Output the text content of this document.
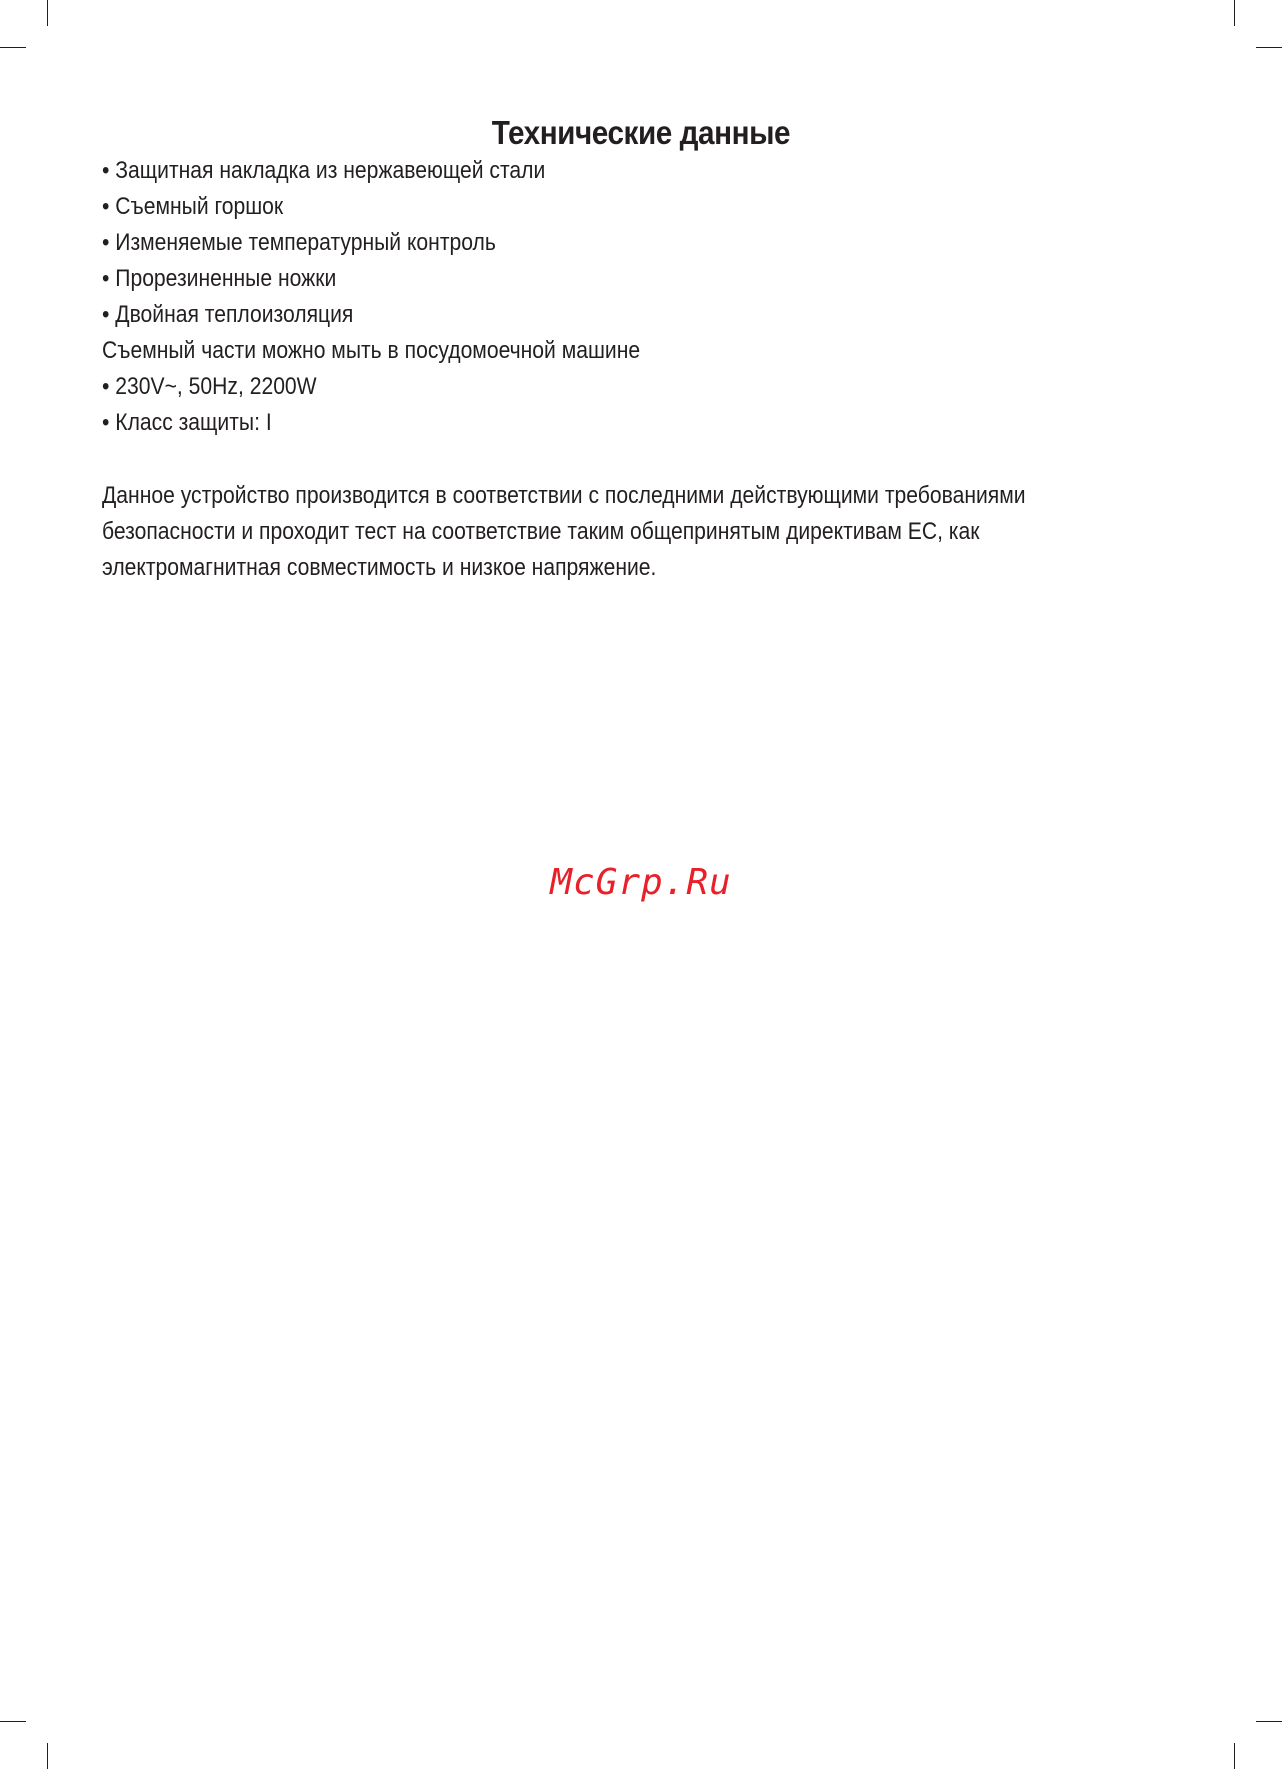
Технические данные
• Защитная накладка из нержавеющей стали
• Съемный горшок
• Изменяемые температурный контроль
• Прорезиненные ножки
• Двойная теплоизоляция
Съемный части можно мыть в посудомоечной машине
• 230V~, 50Hz, 2200W
• Класс защиты: I
Данное устройство производится в соответствии с последними действующими требованиями
безопасности и проходит тест на соответствие таким общепринятым директивам ЕС, как
электромагнитная совместимость и низкое напряжение.
McGrp.Ru
